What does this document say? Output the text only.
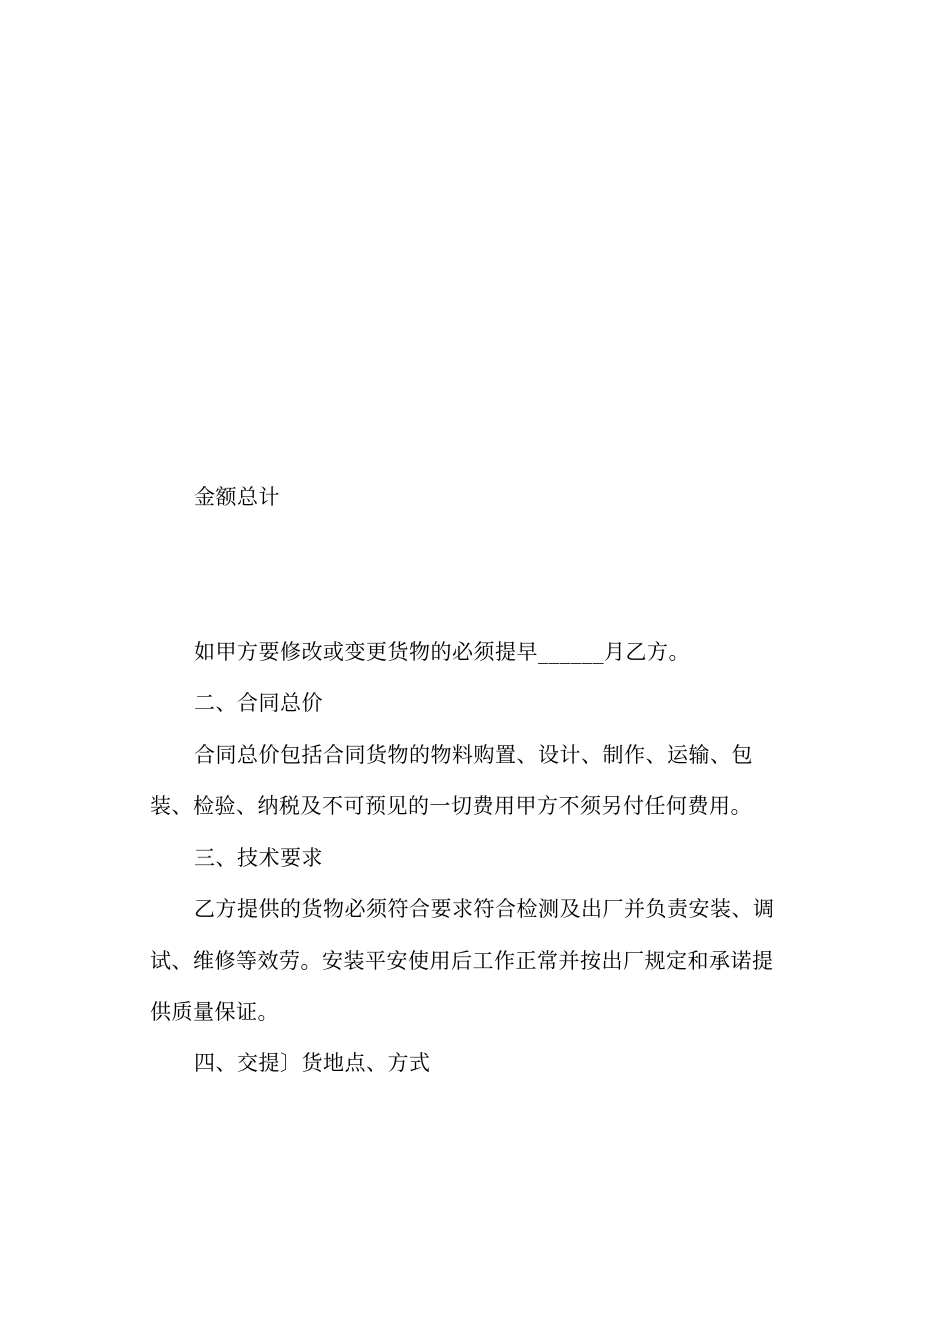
金额总计
如甲方要修改或变更货物的必须提早______月乙方。
二、合同总价
合同总价包括合同货物的物料购置、设计、制作、运输、包
装、检验、纳税及不可预见的一切费用甲方不须另付任何费用。
三、技术要求
乙方提供的货物必须符合要求符合检测及出厂并负责安装、调
试、维修等效劳。安装平安使用后工作正常并按出厂规定和承诺提
供质量保证。
四、交提〕货地点、方式
